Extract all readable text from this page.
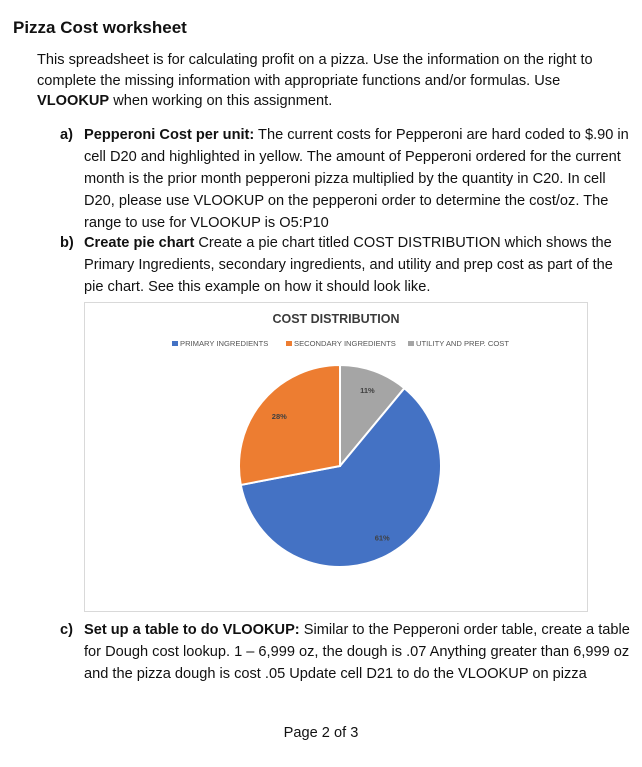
Pizza Cost worksheet
This spreadsheet is for calculating profit on a pizza. Use the information on the right to complete the missing information with appropriate functions and/or formulas. Use VLOOKUP when working on this assignment.
a) Pepperoni Cost per unit: The current costs for Pepperoni are hard coded to $.90 in cell D20 and highlighted in yellow. The amount of Pepperoni ordered for the current month is the prior month pepperoni pizza multiplied by the quantity in C20. In cell D20, please use VLOOKUP on the pepperoni order to determine the cost/oz. The range to use for VLOOKUP is O5:P10
b) Create pie chart Create a pie chart titled COST DISTRIBUTION which shows the Primary Ingredients, secondary ingredients, and utility and prep cost as part of the pie chart. See this example on how it should look like.
COST DISTRIBUTION
PRIMARY INGREDIENTS	SECONDARY INGREDIENTS	UTILITY AND PREP. COST
11%
61%
28%
c) Set up a table to do VLOOKUP: Similar to the Pepperoni order table, create a table for Dough cost lookup. 1 – 6,999 oz, the dough is .07 Anything greater than 6,999 oz and the pizza dough is cost .05 Update cell D21 to do the VLOOKUP on pizza
Page 2 of 3
